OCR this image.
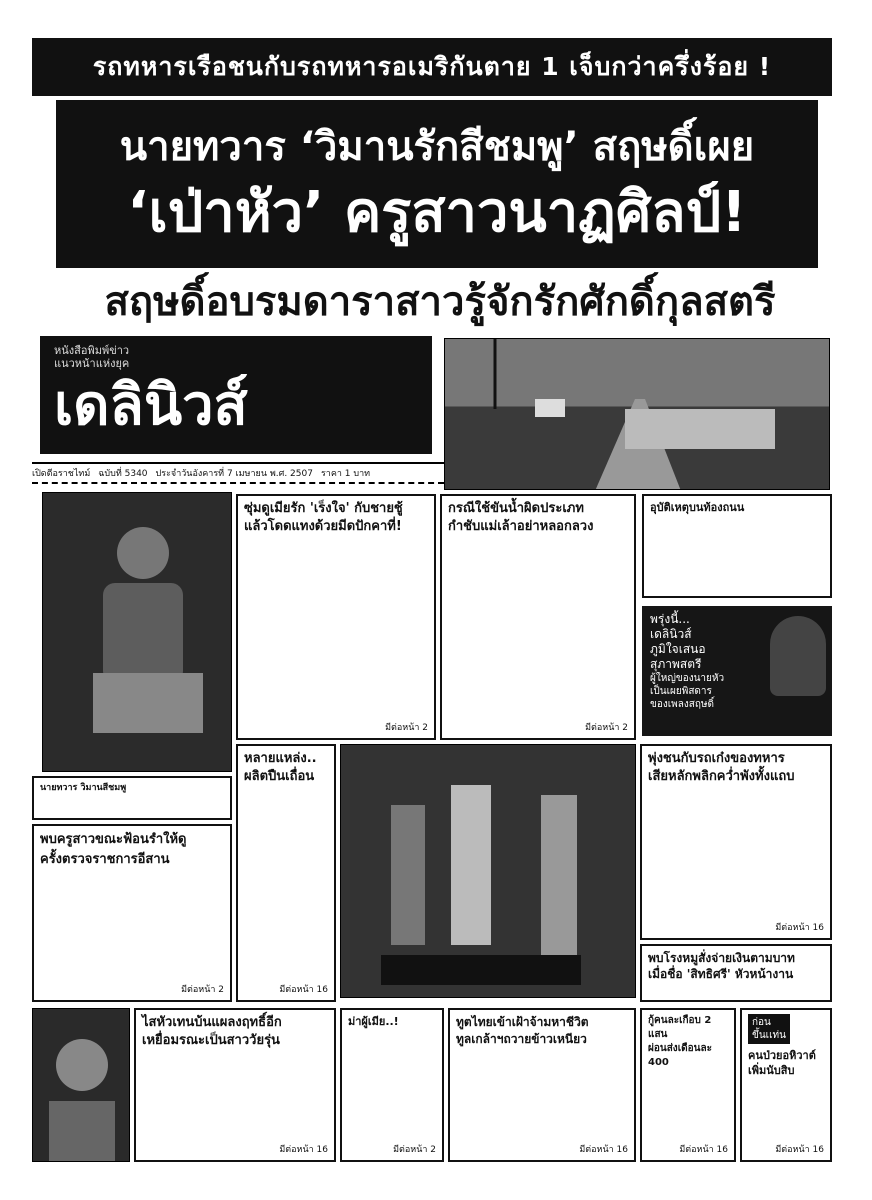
รถทหารเรือชนกับรถทหารอเมริกันตาย 1 เจ็บกว่าครึ่งร้อย !
นายทวาร ‘วิมานรักสีชมพู’ สฤษดิ์เผย
‘เป่าหัว’ ครูสาวนาฏศิลป์!
สฤษดิ์อบรมดาราสาวรู้จักรักศักดิ์กุลสตรี
หนังสือพิมพ์ข่าว
แนวหน้าแห่งยุค
เดลินิวส์
เปิดตีอราชไทม์ ฉบับที่ 5340 ประจำวันอังคารที่ 7 เมษายน พ.ศ. 2507 ราคา 1 บาท
นายทวาร วิมานสีชมพู
ซุ่มดูเมียรัก 'เร็งใจ' กับชายชู้
แล้วโดดแทงด้วยมีดปักคาที่!
มีต่อหน้า 2
กรณีใช้ขันน้ำผิดประเภท
กำชับแม่เล้าอย่าหลอกลวง
มีต่อหน้า 2
อุบัติเหตุบนท้องถนน
พรุ่งนี้...
เดลินิวส์
ภูมิใจเสนอ
สุภาพสตรี
ผู้ใหญ่ของนายหัว
เป็นเผยพิสดาร
ของเพลงสฤษดิ์
หลายแหล่ง..
ผลิตปืนเถื่อน
มีต่อหน้า 16
พุ่งชนกับรถเก๋งของทหาร
เสียหลักพลิกคว่ำพังทั้งแถบ
มีต่อหน้า 16
พบโรงหมูสั่งจ่ายเงินตามบาท
เมื่อชื่อ 'สิทธิศรี' หัวหน้างาน
พบครูสาวขณะฟ้อนรำให้ดู
ครั้งตรวจราชการอีสาน
มีต่อหน้า 2
ไสหัวเทนบ้นแผลงฤทธิ์อีก
เหยื่อมรณะเป็นสาววัยรุ่น
มีต่อหน้า 16
ม่าผู้เมีย..!
มีต่อหน้า 2
ทูตไทยเข้าเฝ้าจ้ามหาชีวิต
ทูลเกล้าฯถวายข้าวเหนียว
มีต่อหน้า 16
กู้คนละเกือบ 2 แสน
ผ่อนส่งเดือนละ 400
มีต่อหน้า 16
ก่อน
ขึ้นเเท่น
คนป่วยอหิวาต์
เพิ่มนับสิบ
มีต่อหน้า 16
